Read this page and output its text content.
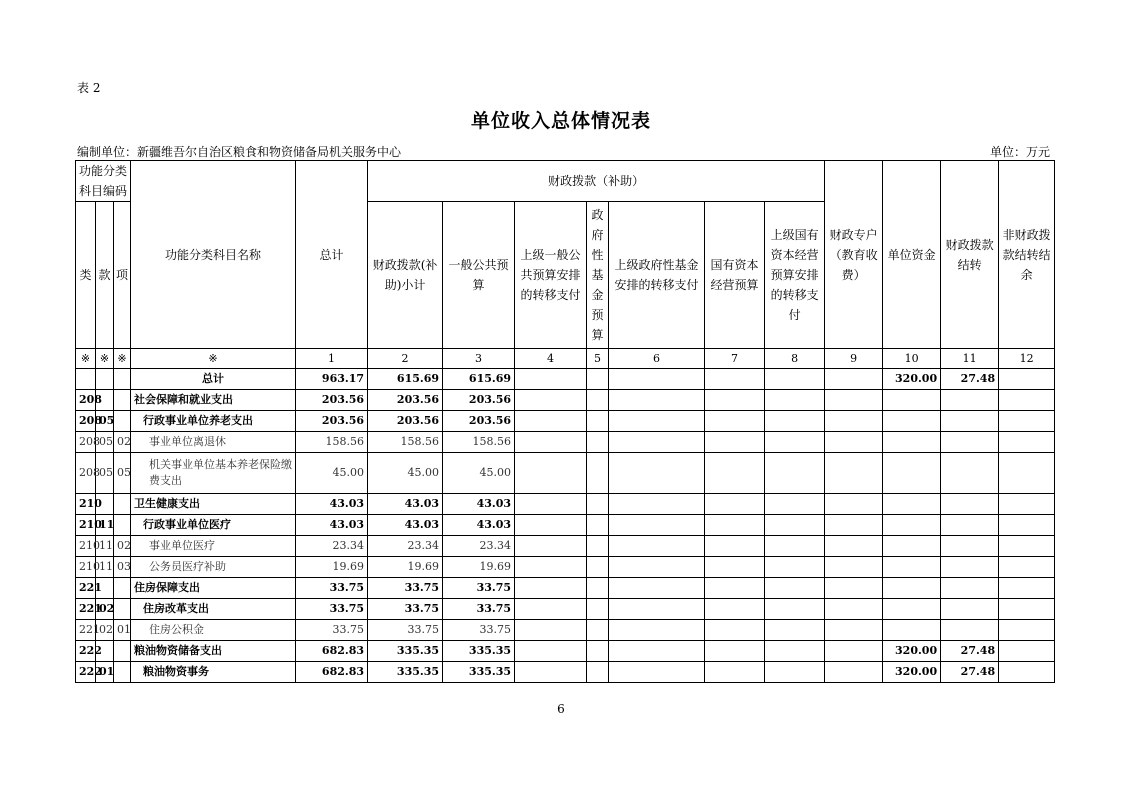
表 2
单位收入总体情况表
编制单位：新疆维吾尔自治区粮食和物资储备局机关服务中心	单位：万元
功能分类科目编码			功能分类科目名称	总计	财政拨款（补助）							财政专户（教育收费）	单位资金	财政拨款结转	非财政拨款结转结余
类	款	项			财政拨款(补助)小计	一般公共预算	上级一般公共预算安排的转移支付	政府性基金预算	上级政府性基金安排的转移支付	国有资本经营预算	上级国有资本经营预算安排的转移支付				
※	※	※	※	1	2	3	4	5	6	7	8	9	10	11	12
			总计	963.17	615.69	615.69							320.00	27.48	
208			社会保障和就业支出	203.56	203.56	203.56									
208	05		行政事业单位养老支出	203.56	203.56	203.56									
208	05	02	事业单位离退休	158.56	158.56	158.56									
208	05	05	机关事业单位基本养老保险缴费支出	45.00	45.00	45.00									
210			卫生健康支出	43.03	43.03	43.03									
210	11		行政事业单位医疗	43.03	43.03	43.03									
210	11	02	事业单位医疗	23.34	23.34	23.34									
210	11	03	公务员医疗补助	19.69	19.69	19.69									
221			住房保障支出	33.75	33.75	33.75									
221	02		住房改革支出	33.75	33.75	33.75									
221	02	01	住房公积金	33.75	33.75	33.75									
222			粮油物资储备支出	682.83	335.35	335.35							320.00	27.48	
222	01		粮油物资事务	682.83	335.35	335.35							320.00	27.48	
6
